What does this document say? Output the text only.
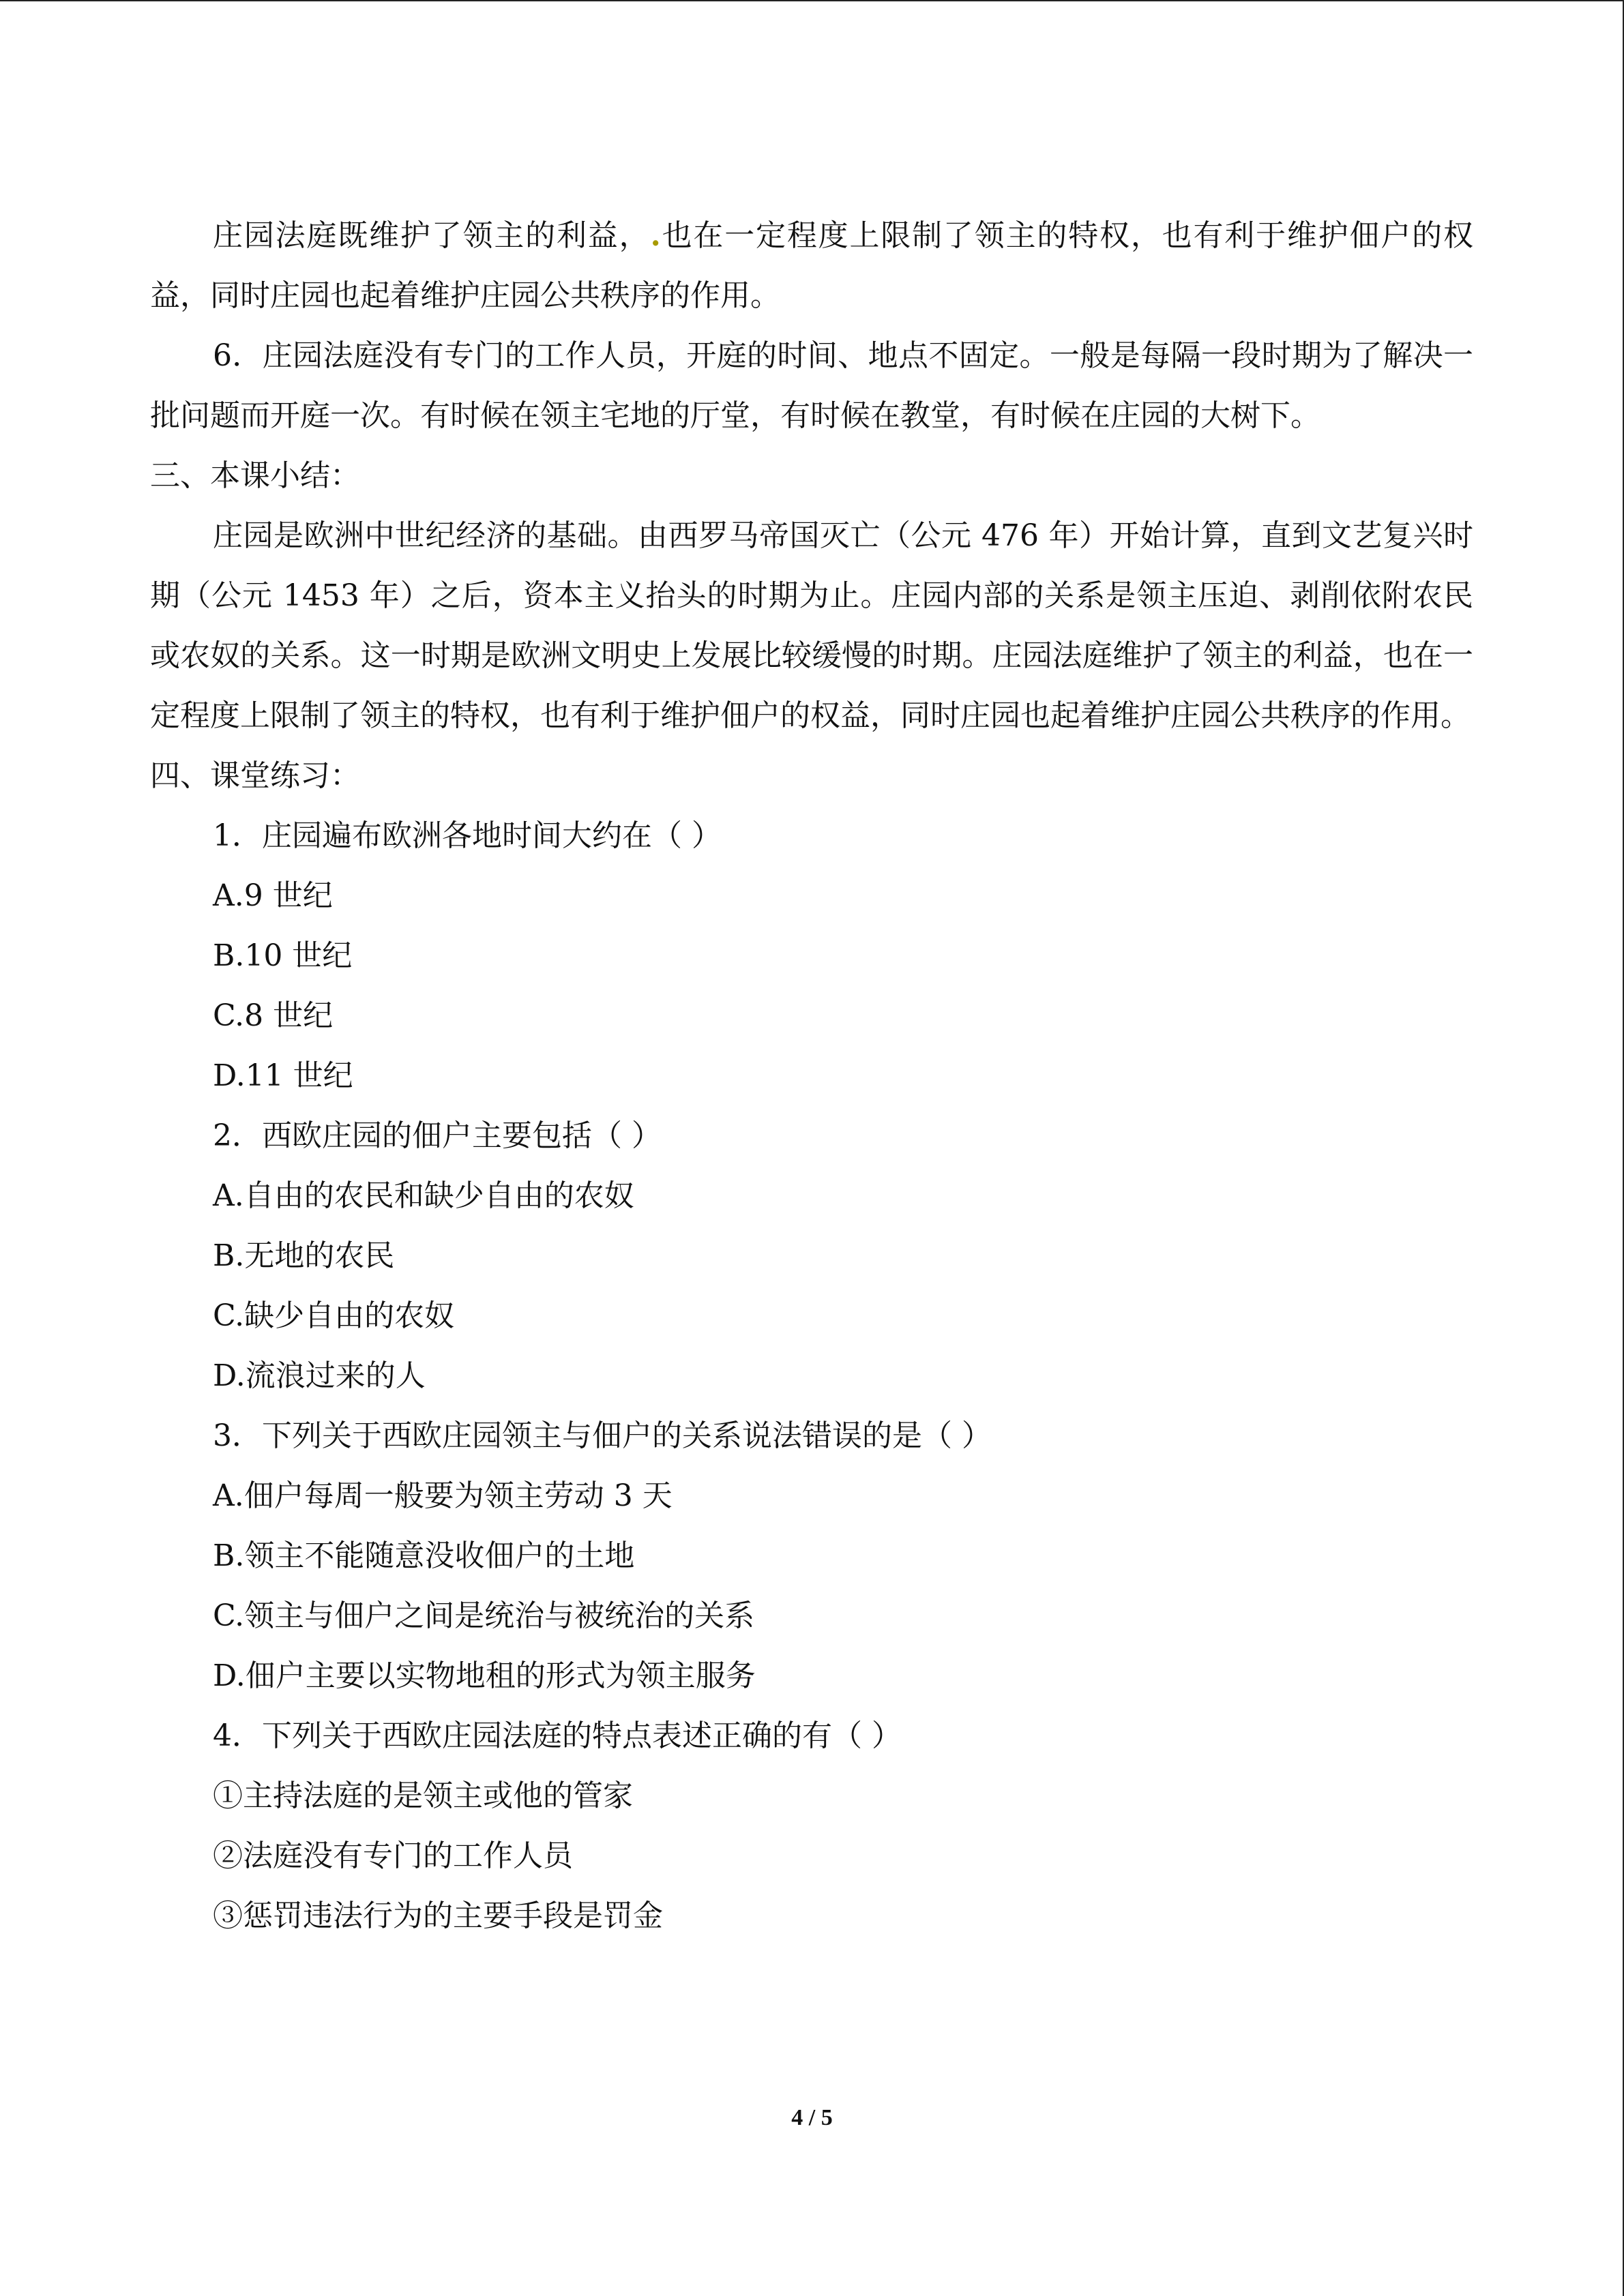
庄园法庭既维护了领主的利益，.也在一定程度上限制了领主的特权，也有利于维护佃户的权益，同时庄园也起着维护庄园公共秩序的作用。

6．庄园法庭没有专门的工作人员，开庭的时间、地点不固定。一般是每隔一段时期为了解决一批问题而开庭一次。有时候在领主宅地的厅堂，有时候在教堂，有时候在庄园的大树下。

三、本课小结：

庄园是欧洲中世纪经济的基础。由西罗马帝国灭亡（公元 476 年）开始计算，直到文艺复兴时期（公元 1453 年）之后，资本主义抬头的时期为止。庄园内部的关系是领主压迫、剥削依附农民或农奴的关系。这一时期是欧洲文明史上发展比较缓慢的时期。庄园法庭维护了领主的利益，也在一定程度上限制了领主的特权，也有利于维护佃户的权益，同时庄园也起着维护庄园公共秩序的作用。

四、课堂练习：

1．庄园遍布欧洲各地时间大约在（ ）

A.9 世纪

B.10 世纪

C.8 世纪

D.11 世纪

2．西欧庄园的佃户主要包括（ ）

A.自由的农民和缺少自由的农奴

B.无地的农民

C.缺少自由的农奴

D.流浪过来的人

3．下列关于西欧庄园领主与佃户的关系说法错误的是（ ）

A.佃户每周一般要为领主劳动 3 天

B.领主不能随意没收佃户的土地

C.领主与佃户之间是统治与被统治的关系

D.佃户主要以实物地租的形式为领主服务

4．下列关于西欧庄园法庭的特点表述正确的有（ ）

①主持法庭的是领主或他的管家

②法庭没有专门的工作人员

③惩罚违法行为的主要手段是罚金

4 / 5
